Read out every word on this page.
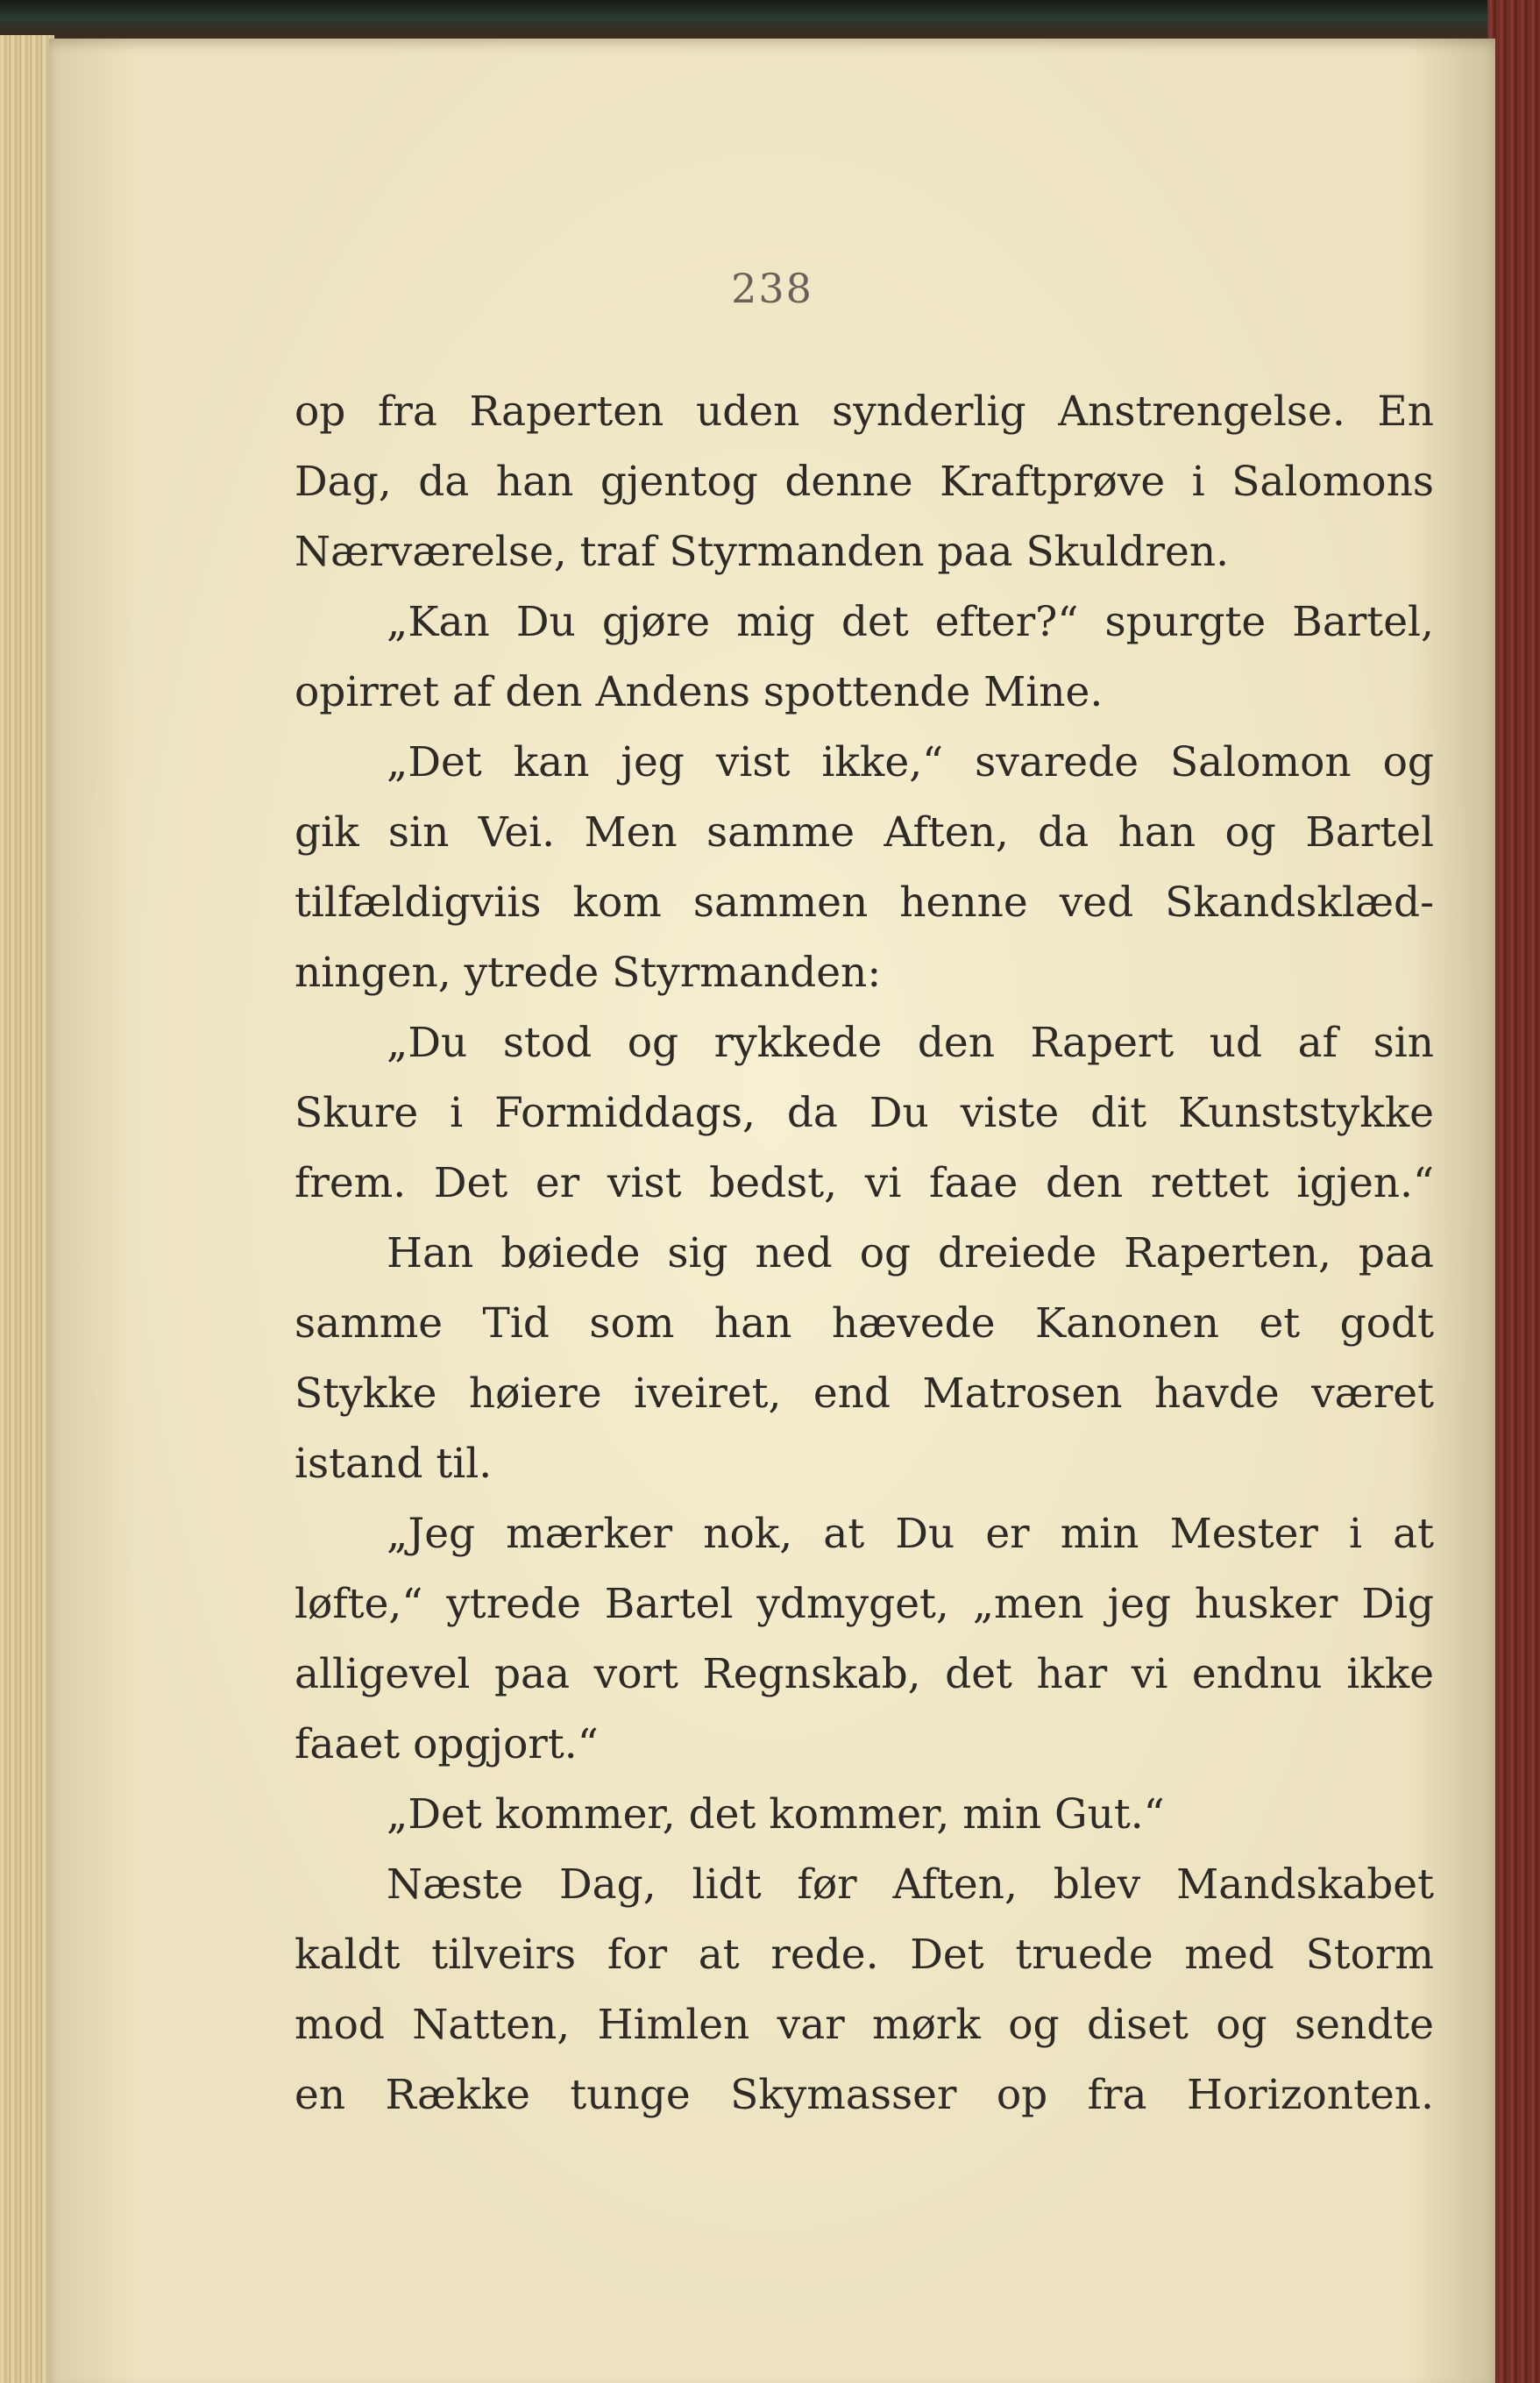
238
op fra Raperten uden synderlig Anstrengelse. En
Dag, da han gjentog denne Kraftprøve i Salomons
Nærværelse, traf Styrmanden paa Skuldren.
„Kan Du gjøre mig det efter?“ spurgte Bartel,
opirret af den Andens spottende Mine.
„Det kan jeg vist ikke,“ svarede Salomon og
gik sin Vei. Men samme Aften, da han og Bartel
tilfældigviis kom sammen henne ved Skandsklæd-
ningen, ytrede Styrmanden:
„Du stod og rykkede den Rapert ud af sin
Skure i Formiddags, da Du viste dit Kunststykke
frem. Det er vist bedst, vi faae den rettet igjen.“
Han bøiede sig ned og dreiede Raperten, paa
samme Tid som han hævede Kanonen et godt
Stykke høiere iveiret, end Matrosen havde været
istand til.
„Jeg mærker nok, at Du er min Mester i at
løfte,“ ytrede Bartel ydmyget, „men jeg husker Dig
alligevel paa vort Regnskab, det har vi endnu ikke
faaet opgjort.“
„Det kommer, det kommer, min Gut.“
Næste Dag, lidt før Aften, blev Mandskabet
kaldt tilveirs for at rede. Det truede med Storm
mod Natten, Himlen var mørk og diset og sendte
en Række tunge Skymasser op fra Horizonten.
